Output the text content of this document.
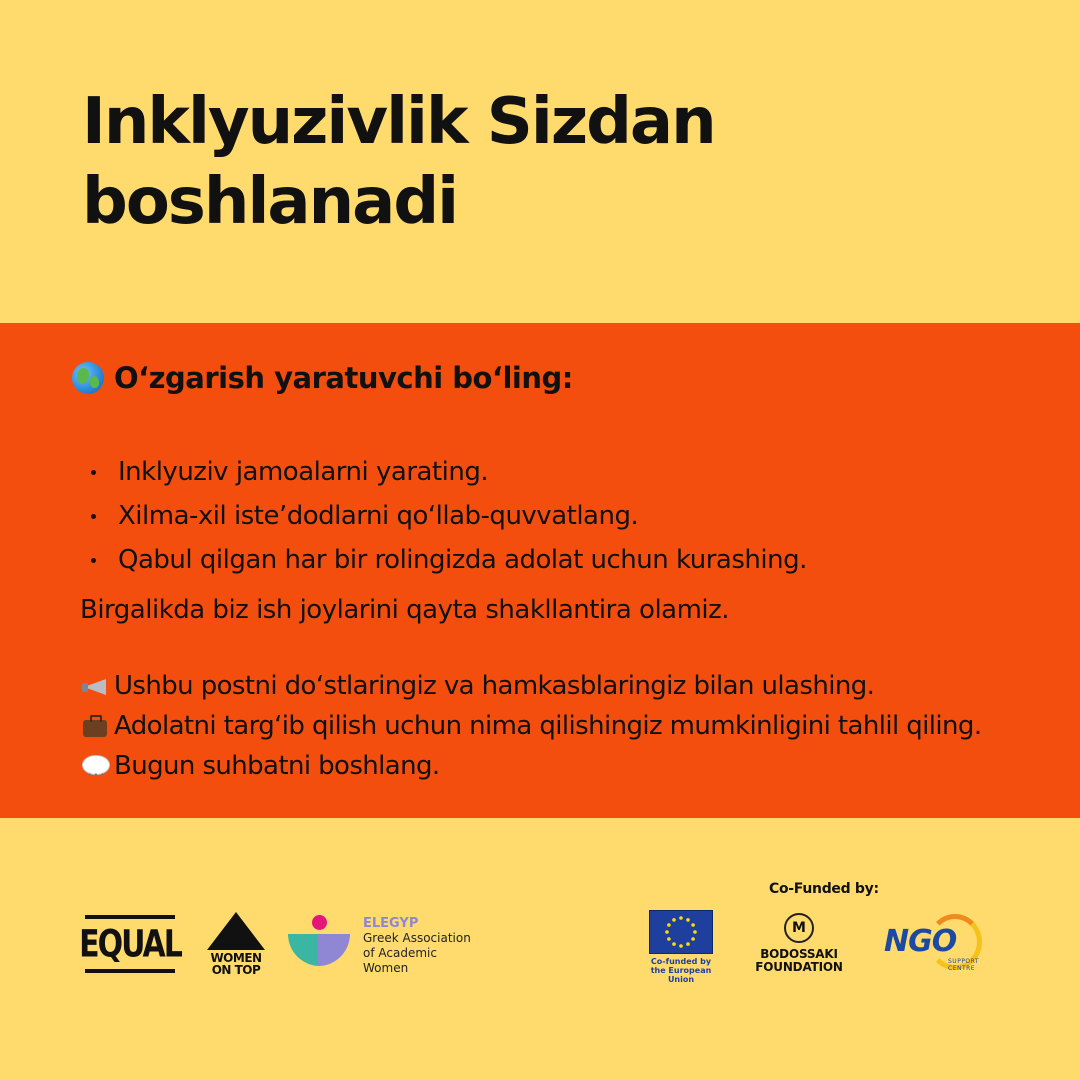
Inklyuzivlik Sizdan
boshlanadi
O‘zgarish yaratuvchi bo‘ling:
Inklyuziv jamoalarni yarating.
Xilma-xil iste’dodlarni qo‘llab-quvvatlang.
Qabul qilgan har bir rolingizda adolat uchun kurashing.
Birgalikda biz ish joylarini qayta shakllantira olamiz.
Ushbu postni do‘stlaringiz va hamkasblaringiz bilan ulashing.
Adolatni targ‘ib qilish uchun nima qilishingiz mumkinligini tahlil qiling.
•••
Bugun suhbatni boshlang.
Co-Funded by:
EQUAL	WOMEN
ON TOP
ELEGYP
Greek Association
of Academic
Women	Co-funded by
the European Union
M
BODOSSAKI
FOUNDATION
NGO
SUPPORT CENTRE
